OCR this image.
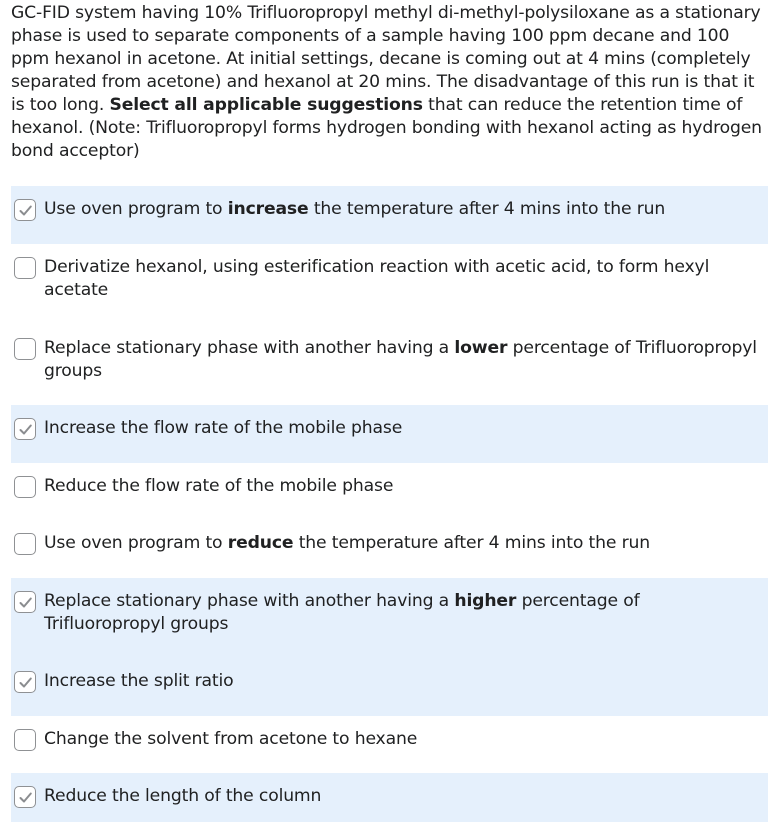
GC-FID system having 10% Trifluoropropyl methyl di-methyl-polysiloxane as a stationary phase is used to separate components of a sample having 100 ppm decane and 100 ppm hexanol in acetone. At initial settings, decane is coming out at 4 mins (completely separated from acetone) and hexanol at 20 mins. The disadvantage of this run is that it is too long. Select all applicable suggestions that can reduce the retention time of hexanol. (Note: Trifluoropropyl forms hydrogen bonding with hexanol acting as hydrogen bond acceptor)
Use oven program to increase the temperature after 4 mins into the run
Derivatize hexanol, using esterification reaction with acetic acid, to form hexyl acetate
Replace stationary phase with another having a lower percentage of Trifluoropropyl groups
Increase the flow rate of the mobile phase
Reduce the flow rate of the mobile phase
Use oven program to reduce the temperature after 4 mins into the run
Replace stationary phase with another having a higher percentage of Trifluoropropyl groups
Increase the split ratio
Change the solvent from acetone to hexane
Reduce the length of the column
